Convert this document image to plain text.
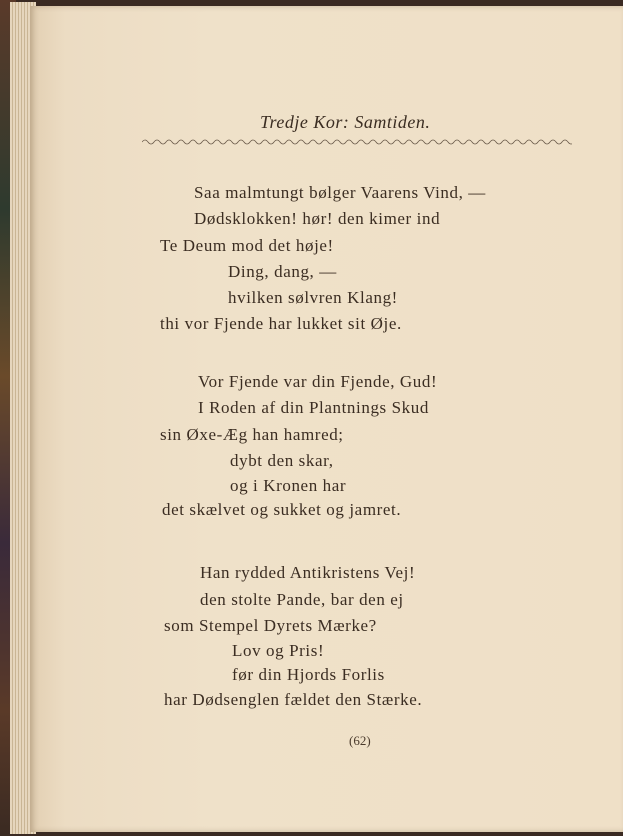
Tredje Kor: Samtiden.
Saa malmtungt bølger Vaarens Vind, —
Dødsklokken! hør! den kimer ind
Te Deum mod det høje!
Ding, dang, —
hvilken sølvren Klang!
thi vor Fjende har lukket sit Øje.
Vor Fjende var din Fjende, Gud!
I Roden af din Plantnings Skud
sin Øxe-Æg han hamred;
dybt den skar,
og i Kronen har
det skælvet og sukket og jamret.
Han rydded Antikristens Vej!
den stolte Pande, bar den ej
som Stempel Dyrets Mærke?
Lov og Pris!
før din Hjords Forlis
har Dødsenglen fældet den Stærke.
(62)
